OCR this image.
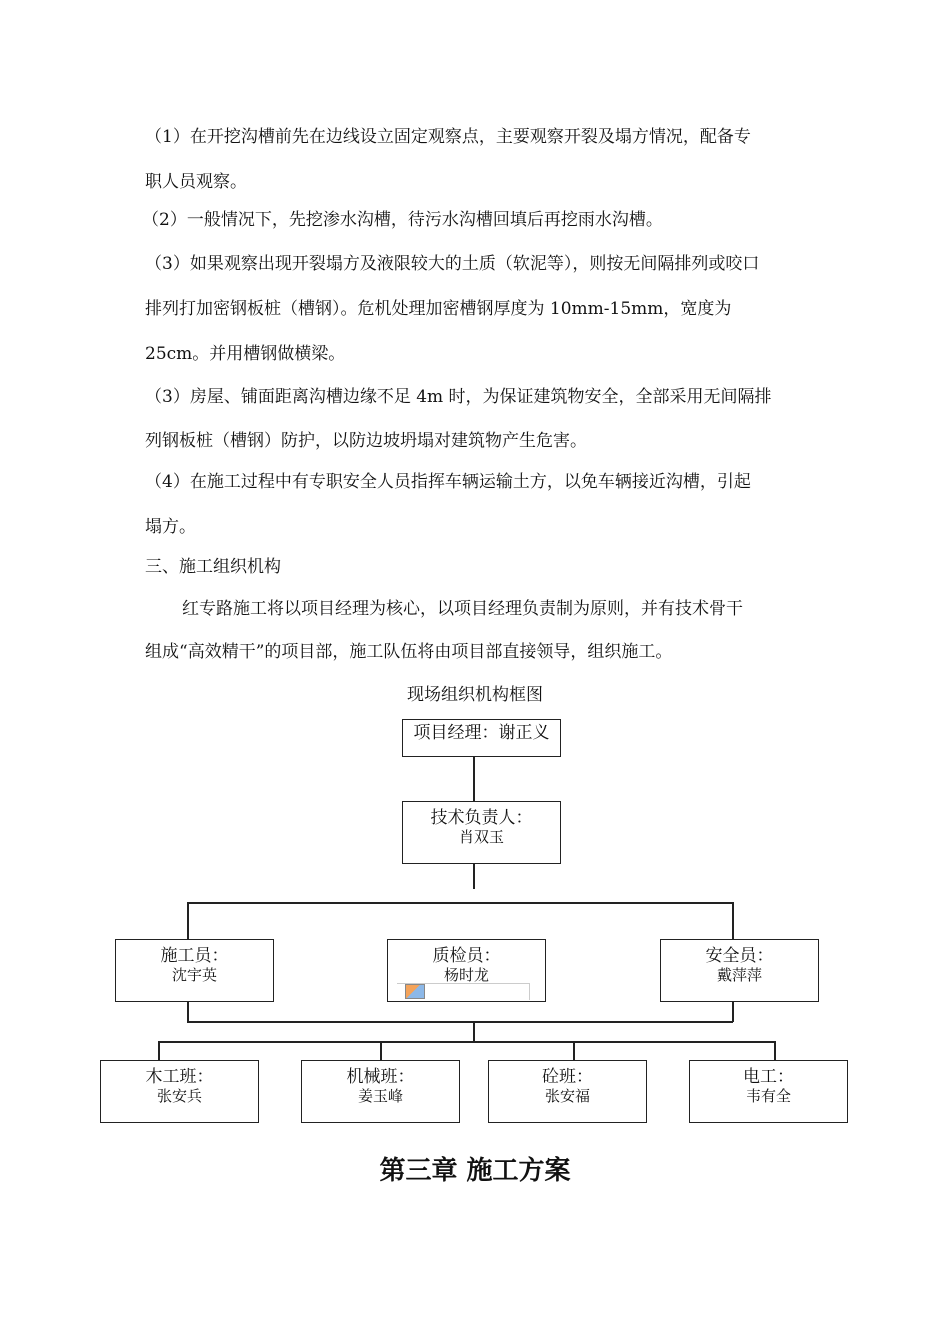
（1）在开挖沟槽前先在边线设立固定观察点，主要观察开裂及塌方情况，配备专
职人员观察。
（2）一般情况下，先挖渗水沟槽，待污水沟槽回填后再挖雨水沟槽。
（3）如果观察出现开裂塌方及液限较大的土质（软泥等），则按无间隔排列或咬口
排列打加密钢板桩（槽钢）。危机处理加密槽钢厚度为 10mm-15mm，宽度为
25cm。并用槽钢做横梁。
（3）房屋、铺面距离沟槽边缘不足 4m 时，为保证建筑物安全，全部采用无间隔排
列钢板桩（槽钢）防护，以防边坡坍塌对建筑物产生危害。
（4）在施工过程中有专职安全人员指挥车辆运输土方，以免车辆接近沟槽，引起
塌方。
三、施工组织机构
红专路施工将以项目经理为核心，以项目经理负责制为原则，并有技术骨干
组成“高效精干”的项目部，施工队伍将由项目部直接领导，组织施工。
现场组织机构框图
项目经理：谢正义
技术负责人：
肖双玉
施工员：
沈宇英
质检员：
杨时龙
安全员：
戴萍萍
木工班：
张安兵
机械班：
姜玉峰
砼班：
张安福
电工：
韦有全
第三章 施工方案
